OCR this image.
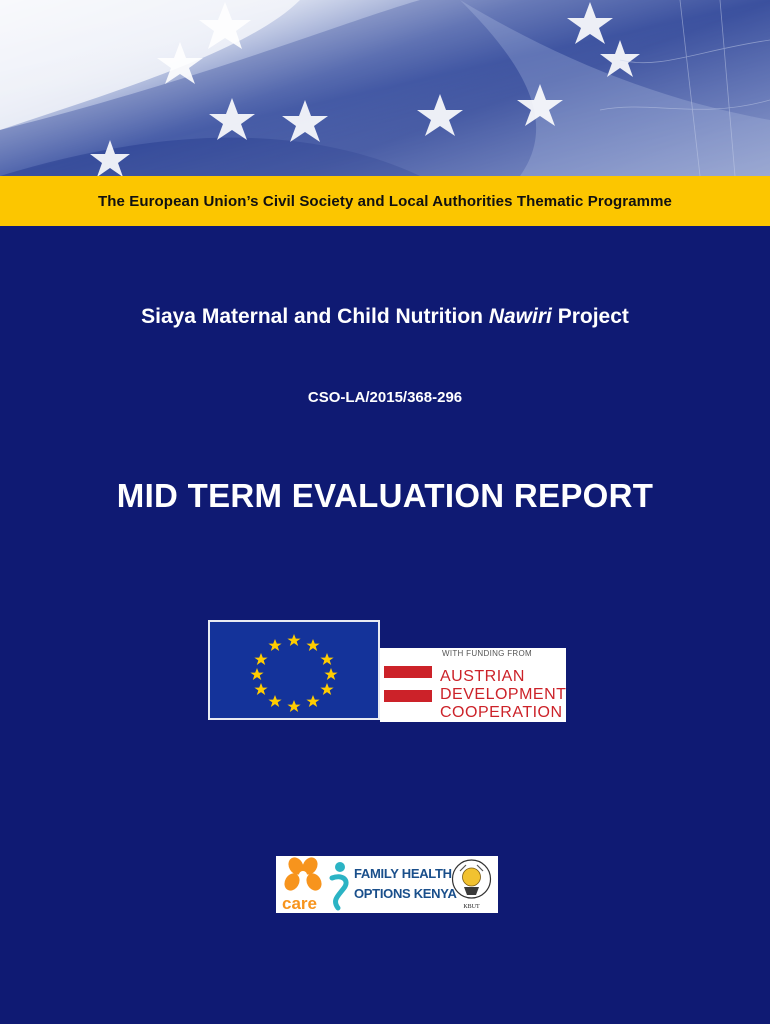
The European Union’s Civil Society and Local Authorities Thematic Programme
Siaya Maternal and Child Nutrition Nawiri Project
CSO-LA/2015/368-296
MID TERM EVALUATION REPORT
WITH FUNDING FROM
AUSTRIAN
DEVELOPMENT
COOPERATION
care
FAMILY HEALTH
OPTIONS KENYA
KBUT
